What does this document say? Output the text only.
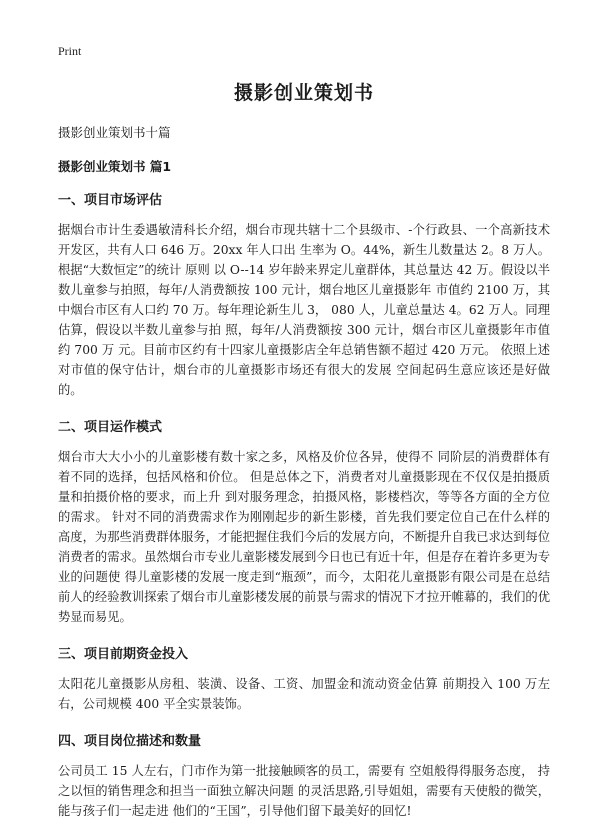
Print
摄影创业策划书

摄影创业策划书十篇

摄影创业策划书 篇1

一、项目市场评估

据烟台市计生委遇敏清科长介绍，烟台市现共辖十二个县级市、-个行政县、一个高新技术开发区，共有人口 646 万。20xx 年人口出 生率为 O。44%，新生儿数量达 2。8 万人。根据“大数恒定”的统计 原则 以 O--14 岁年龄来界定儿童群体，其总量达 42 万。假设以半数儿童参与拍照，每年/人消费额按 100 元计，烟台地区儿童摄影年 市值约 2100 万，其中烟台市区有人口约 70 万。每年理论新生儿 3， 080 人，儿童总量达 4。62 万人。同理估算，假设以半数儿童参与拍 照，每年/人消费额按 300 元计，烟台市区儿童摄影年市值约 700 万 元。目前市区约有十四家儿童摄影店全年总销售额不超过 420 万元。 依照上述对市值的保守估计，烟台市的儿童摄影市场还有很大的发展 空间起码生意应该还是好做的。

二、项目运作模式

烟台市大大小小的儿童影楼有数十家之多，风格及价位各异，使得不 同阶层的消费群体有着不同的选择，包括风格和价位。 但是总体之下，消费者对儿童摄影现在不仅仅是拍摄质量和拍摄价格的要求，而上升 到对服务理念，拍摄风格，影楼档次，等等各方面的全方位的需求。 针对不同的消费需求作为刚刚起步的新生影楼，首先我们要定位自己在什么样的高度，为那些消费群体服务，才能把握住我们今后的发展方向，不断提升自我已求达到每位消费者的需求。虽然烟台市专业儿童影楼发展到今日也已有近十年，但是存在着许多更为专业的问题使 得儿童影楼的发展一度走到“瓶颈”，而今，太阳花儿童摄影有限公司是在总结前人的经验教训探索了烟台市儿童影楼发展的前景与需求的情况下才拉开帷幕的，我们的优势显而易见。

三、项目前期资金投入

太阳花儿童摄影从房租、装潢、设备、工资、加盟金和流动资金估算 前期投入 100 万左右，公司规模 400 平全实景装饰。

四、项目岗位描述和数量

公司员工 15 人左右，门市作为第一批接触顾客的员工，需要有 空姐般得得服务态度， 持之以恒的销售理念和担当一面独立解决问题 的灵活思路,引导姐姐，需要有天使般的微笑，能与孩子们一起走进 他们的“王国”，引导他们留下最美好的回忆!
